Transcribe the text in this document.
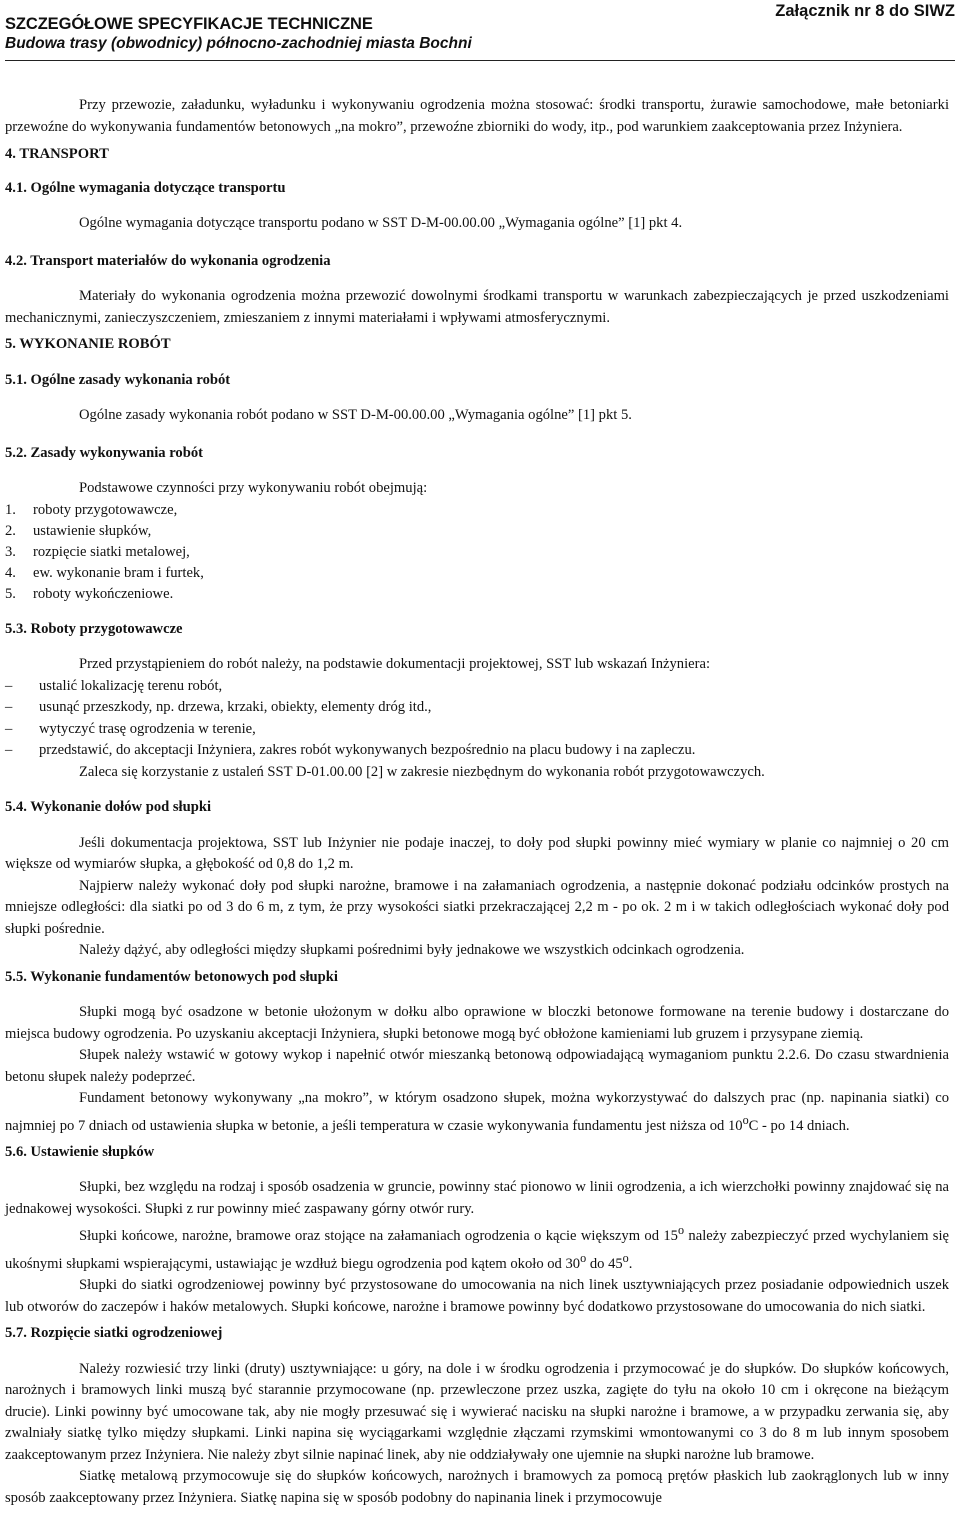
SZCZEGÓŁOWE SPECYFIKACJE TECHNICZNE
Budowa trasy (obwodnicy) północno-zachodniej miasta Bochni
Załącznik nr 8 do SIWZ

Przy przewozie, załadunku, wyładunku i wykonywaniu ogrodzenia można stosować: środki transportu, żurawie samochodowe, małe betoniarki przewoźne do wykonywania fundamentów betonowych „na mokro”, przewoźne zbiorniki do wody, itp., pod warunkiem zaakceptowania przez Inżyniera.

4. TRANSPORT
4.1. Ogólne wymagania dotyczące transportu

Ogólne wymagania dotyczące transportu podano w SST D-M-00.00.00 „Wymagania ogólne” [1] pkt 4.

4.2. Transport materiałów do wykonania ogrodzenia

Materiały do wykonania ogrodzenia można przewozić dowolnymi środkami transportu w warunkach zabezpieczających je przed uszkodzeniami mechanicznymi, zanieczyszczeniem, zmieszaniem z innymi materiałami i wpływami atmosferycznymi.

5. WYKONANIE ROBÓT
5.1. Ogólne zasady wykonania robót

Ogólne zasady wykonania robót podano w SST D-M-00.00.00 „Wymagania ogólne” [1] pkt 5.

5.2. Zasady wykonywania robót

Podstawowe czynności przy wykonywaniu robót obejmują:

1.	roboty przygotowawcze,
2.	ustawienie słupków,
3.	rozpięcie siatki metalowej,
4.	ew. wykonanie bram i furtek,
5.	roboty wykończeniowe.
5.3. Roboty przygotowawcze

Przed przystąpieniem do robót należy, na podstawie dokumentacji projektowej, SST lub wskazań Inżyniera:

–	ustalić lokalizację terenu robót,
–	usunąć przeszkody, np. drzewa, krzaki, obiekty, elementy dróg itd.,
–	wytyczyć trasę ogrodzenia w terenie,
–	przedstawić, do akceptacji Inżyniera, zakres robót wykonywanych bezpośrednio na placu budowy i na zapleczu.

Zaleca się korzystanie z ustaleń SST D-01.00.00 [2] w zakresie niezbędnym do wykonania robót przygotowawczych.

5.4. Wykonanie dołów pod słupki

Jeśli dokumentacja projektowa, SST lub Inżynier nie podaje inaczej, to doły pod słupki powinny mieć wymiary w planie co najmniej o 20 cm większe od wymiarów słupka, a głębokość od 0,8 do 1,2 m.

Najpierw należy wykonać doły pod słupki narożne, bramowe i na załamaniach ogrodzenia, a następnie dokonać podziału odcinków prostych na mniejsze odległości: dla siatki po od 3 do 6 m, z tym, że przy wysokości siatki przekraczającej 2,2 m - po ok. 2 m i w takich odległościach wykonać doły pod słupki pośrednie.

Należy dążyć, aby odległości między słupkami pośrednimi były jednakowe we wszystkich odcinkach ogrodzenia.

5.5. Wykonanie fundamentów betonowych pod słupki

Słupki mogą być osadzone w betonie ułożonym w dołku albo oprawione w bloczki betonowe formowane na terenie budowy i dostarczane do miejsca budowy ogrodzenia. Po uzyskaniu akceptacji Inżyniera, słupki betonowe mogą być obłożone kamieniami lub gruzem i przysypane ziemią.

Słupek należy wstawić w gotowy wykop i napełnić otwór mieszanką betonową odpowiadającą wymaganiom punktu 2.2.6. Do czasu stwardnienia betonu słupek należy podeprzeć.

Fundament betonowy wykonywany „na mokro”, w którym osadzono słupek, można wykorzystywać do dalszych prac (np. napinania siatki) co najmniej po 7 dniach od ustawienia słupka w betonie, a jeśli temperatura w czasie wykonywania fundamentu jest niższa od 10$^o$C - po 14 dniach.

5.6. Ustawienie słupków

Słupki, bez względu na rodzaj i sposób osadzenia w gruncie, powinny stać pionowo w linii ogrodzenia, a ich wierzchołki powinny znajdować się na jednakowej wysokości. Słupki z rur powinny mieć zaspawany górny otwór rury.

Słupki końcowe, narożne, bramowe oraz stojące na załamaniach ogrodzenia o kącie większym od 15$^o$ należy zabezpieczyć przed wychylaniem się ukośnymi słupkami wspierającymi, ustawiając je wzdłuż biegu ogrodzenia pod kątem około od 30$^o$ do 45$^o$.

Słupki do siatki ogrodzeniowej powinny być przystosowane do umocowania na nich linek usztywniających przez posiadanie odpowiednich uszek lub otworów do zaczepów i haków metalowych. Słupki końcowe, narożne i bramowe powinny być dodatkowo przystosowane do umocowania do nich siatki.

5.7. Rozpięcie siatki ogrodzeniowej

Należy rozwiesić trzy linki (druty) usztywniające: u góry, na dole i w środku ogrodzenia i przymocować je do słupków. Do słupków końcowych, narożnych i bramowych linki muszą być starannie przymocowane (np. przewleczone przez uszka, zagięte do tyłu na około 10 cm i okręcone na bieżącym drucie). Linki powinny być umocowane tak, aby nie mogły przesuwać się i wywierać nacisku na słupki narożne i bramowe, a w przypadku zerwania się, aby zwalniały siatkę tylko między słupkami. Linki napina się wyciągarkami względnie złączami rzymskimi wmontowanymi co 3 do 8 m lub innym sposobem zaakceptowanym przez Inżyniera. Nie należy zbyt silnie napinać linek, aby nie oddziaływały one ujemnie na słupki narożne lub bramowe.

Siatkę metalową przymocowuje się do słupków końcowych, narożnych i bramowych za pomocą prętów płaskich lub zaokrąglonych lub w inny sposób zaakceptowany przez Inżyniera. Siatkę napina się w sposób podobny do napinania linek i przymocowuje
